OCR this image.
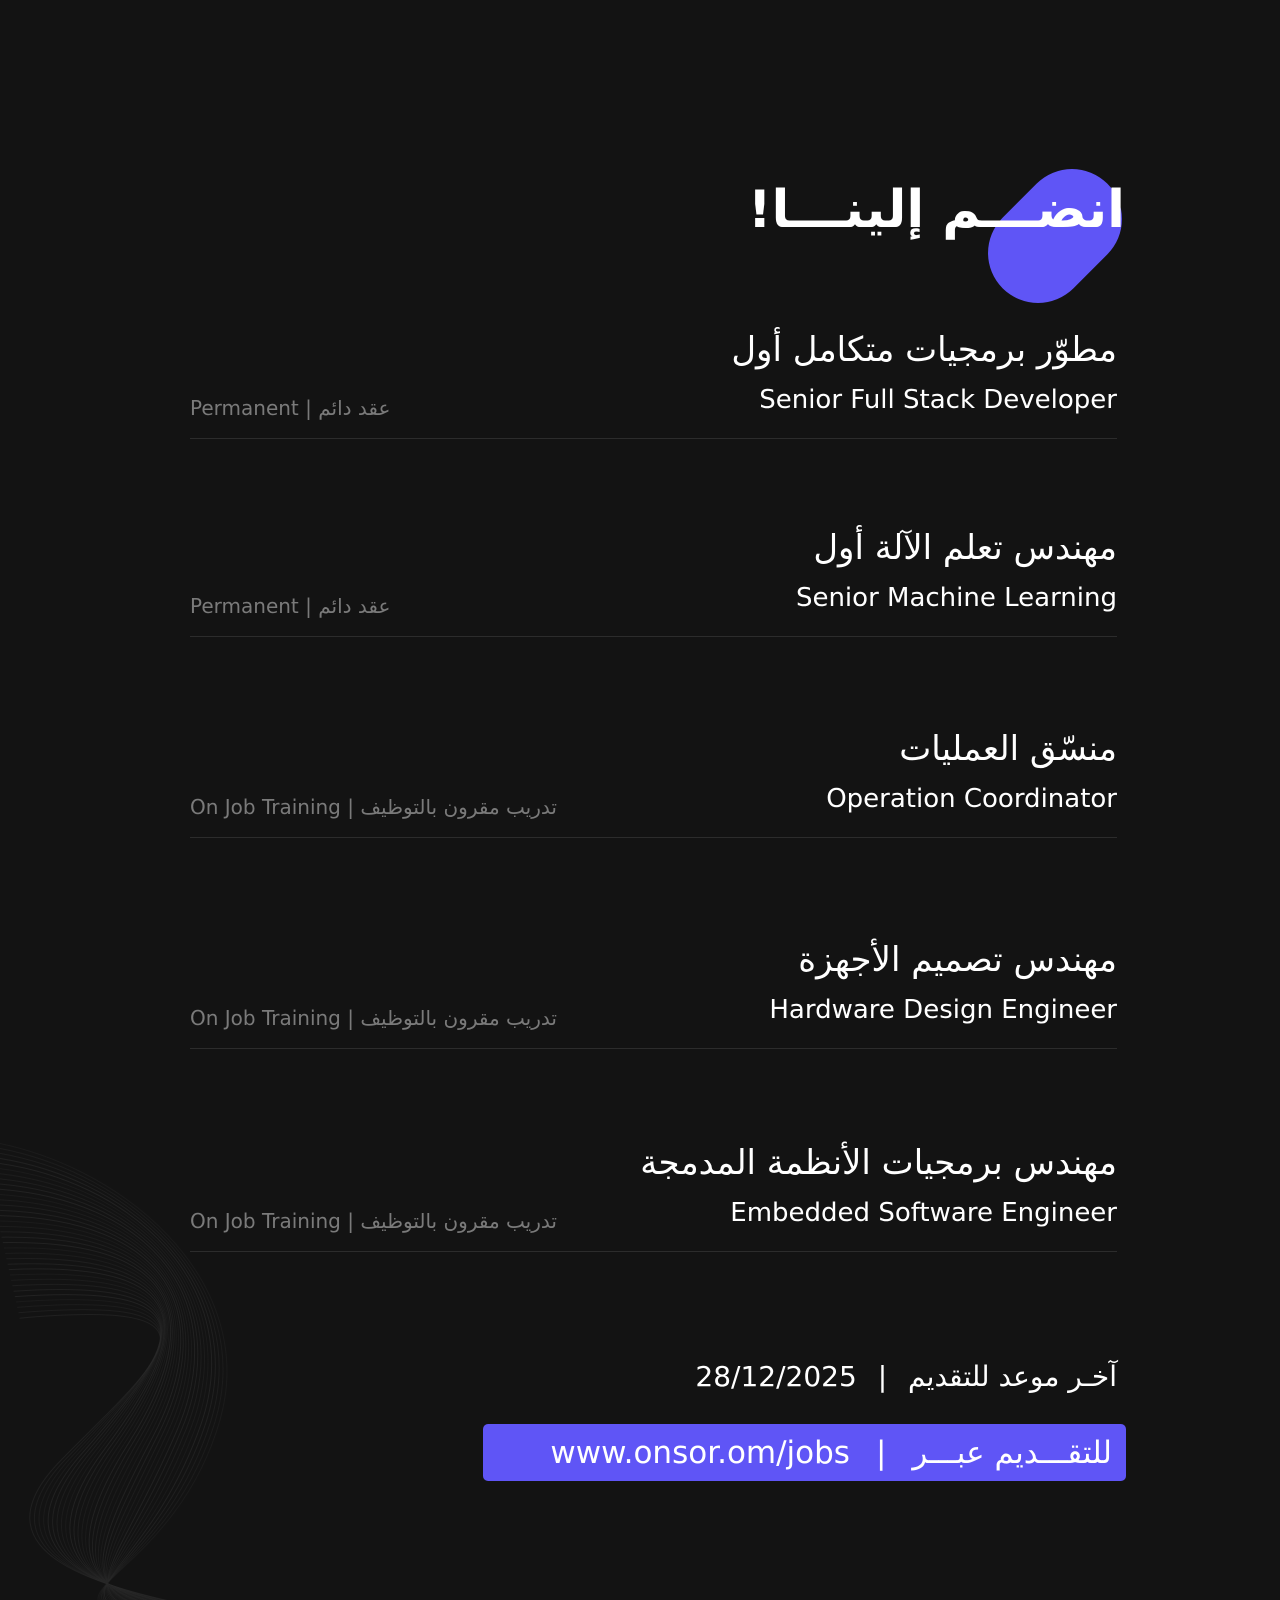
انضـــم إلينـــا!
مطوّر برمجيات متكامل أول
Senior Full Stack Developer
Permanent | عقد دائم
مهندس تعلم الآلة أول
Senior Machine Learning
Permanent | عقد دائم
منسّق العمليات
Operation Coordinator
On Job Training | تدريب مقرون بالتوظيف
مهندس تصميم الأجهزة
Hardware Design Engineer
On Job Training | تدريب مقرون بالتوظيف
مهندس برمجيات الأنظمة المدمجة
Embedded Software Engineer
On Job Training | تدريب مقرون بالتوظيف
آخـر موعد للتقديم | 28/12/2025
www.onsor.om/jobs | للتقـــديم عبـــر
